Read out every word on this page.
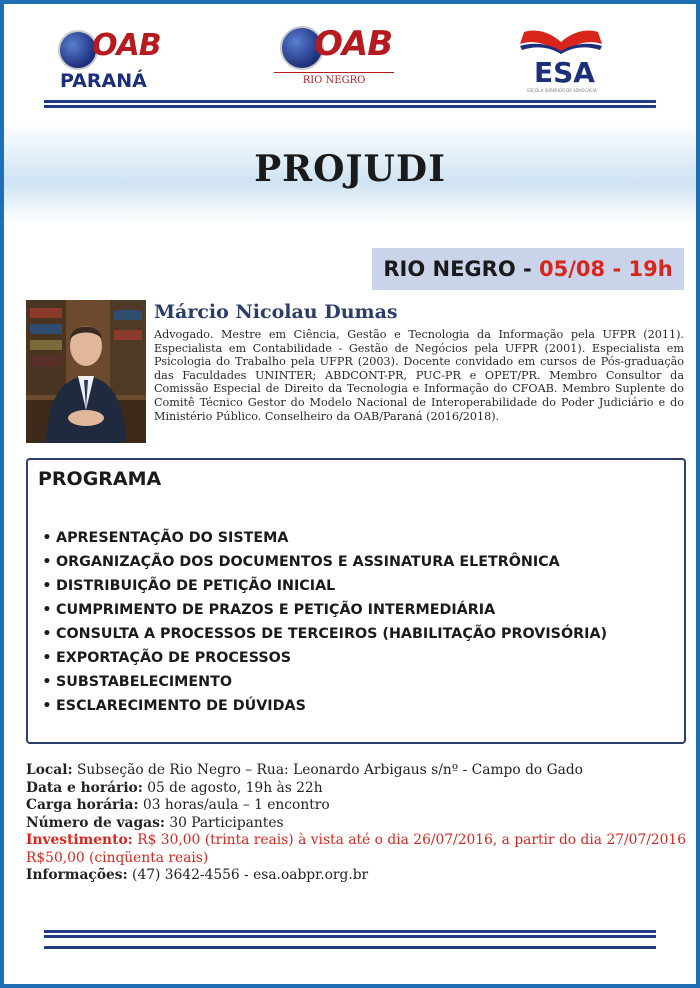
OAB
PARANÁ
OAB
RIO NEGRO	ESA
ESCOLA SUPERIOR DE ADVOCACIA
PROJUDI
RIO NEGRO - 05/08 - 19h
Márcio Nicolau Dumas
Advogado. Mestre em Ciência, Gestão e Tecnologia da Informação pela UFPR (2011). Especialista em Contabilidade - Gestão de Negócios pela UFPR (2001). Especialista em Psicologia do Trabalho pela UFPR (2003). Docente convidado em cursos de Pós-graduação das Faculdades UNINTER; ABDCONT-PR, PUC-PR e OPET/PR. Membro Consultor da Comissão Especial de Direito da Tecnologia e Informação do CFOAB. Membro Suplente do Comitê Técnico Gestor do Modelo Nacional de Interoperabilidade do Poder Judiciário e do Ministério Público. Conselheiro da OAB/Paraná (2016/2018).
PROGRAMA
• APRESENTAÇÃO DO SISTEMA
• ORGANIZAÇÃO DOS DOCUMENTOS E ASSINATURA ELETRÔNICA
• DISTRIBUIÇÃO DE PETIÇÃO INICIAL
• CUMPRIMENTO DE PRAZOS E PETIÇÃO INTERMEDIÁRIA
• CONSULTA A PROCESSOS DE TERCEIROS (HABILITAÇÃO PROVISÓRIA)
• EXPORTAÇÃO DE PROCESSOS
• SUBSTABELECIMENTO
• ESCLARECIMENTO DE DÚVIDAS
Local: Subseção de Rio Negro – Rua: Leonardo Arbigaus s/nº - Campo do Gado
Data e horário: 05 de agosto, 19h às 22h
Carga horária: 03 horas/aula – 1 encontro
Número de vagas: 30 Participantes
Investimento: R$ 30,00 (trinta reais) à vista até o dia 26/07/2016, a partir do dia 27/07/2016 R$50,00 (cinqüenta reais)
Informações: (47) 3642-4556 - esa.oabpr.org.br
